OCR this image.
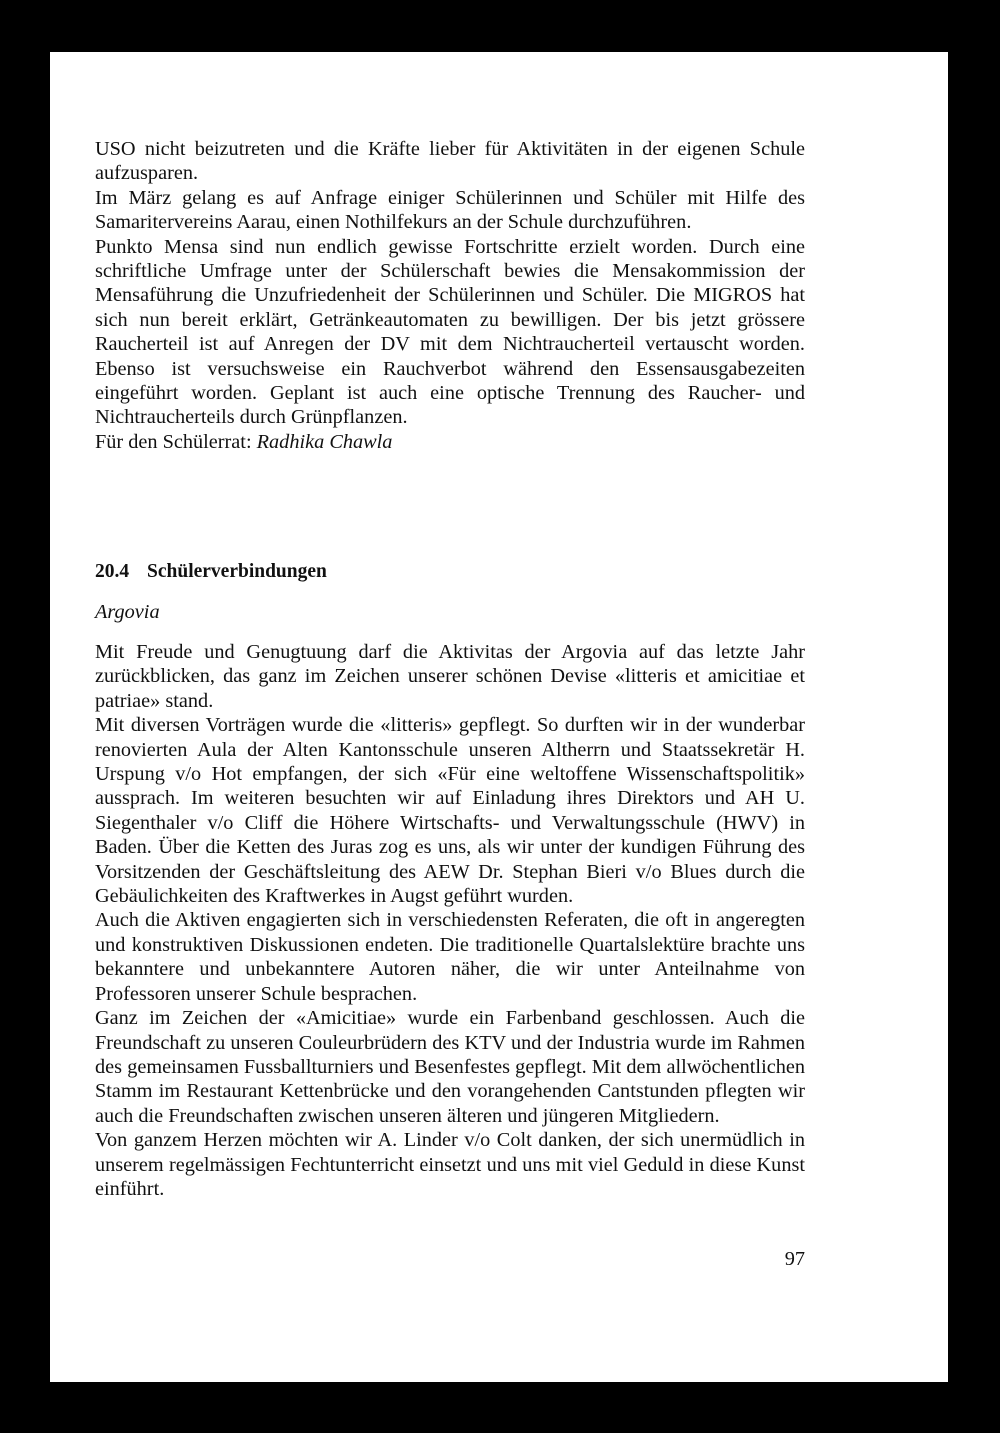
USO nicht beizutreten und die Kräfte lieber für Aktivitäten in der eigenen Schule aufzusparen.

Im März gelang es auf Anfrage einiger Schülerinnen und Schüler mit Hilfe des Samaritervereins Aarau, einen Nothilfekurs an der Schule durchzuführen.

Punkto Mensa sind nun endlich gewisse Fortschritte erzielt worden. Durch eine schriftliche Umfrage unter der Schülerschaft bewies die Mensakommission der Mensaführung die Unzufriedenheit der Schülerinnen und Schüler. Die MIGROS hat sich nun bereit erklärt, Getränkeautomaten zu bewilligen. Der bis jetzt grössere Raucherteil ist auf Anregen der DV mit dem Nichtraucherteil vertauscht worden. Ebenso ist versuchsweise ein Rauchverbot während den Essensausgabezeiten eingeführt worden. Geplant ist auch eine optische Trennung des Raucher- und Nichtraucherteils durch Grünpflanzen.

Für den Schülerrat: Radhika Chawla

20.4 Schülerverbindungen
Argovia

Mit Freude und Genugtuung darf die Aktivitas der Argovia auf das letzte Jahr zurückblicken, das ganz im Zeichen unserer schönen Devise «litteris et amicitiae et patriae» stand.

Mit diversen Vorträgen wurde die «litteris» gepflegt. So durften wir in der wunderbar renovierten Aula der Alten Kantonsschule unseren Altherrn und Staatssekretär H. Urspung v/o Hot empfangen, der sich «Für eine weltoffene Wissenschaftspolitik» aussprach. Im weiteren besuchten wir auf Einladung ihres Direktors und AH U. Siegenthaler v/o Cliff die Höhere Wirtschafts- und Verwaltungsschule (HWV) in Baden. Über die Ketten des Juras zog es uns, als wir unter der kundigen Führung des Vorsitzenden der Geschäftsleitung des AEW Dr. Stephan Bieri v/o Blues durch die Gebäulichkeiten des Kraftwerkes in Augst geführt wurden.

Auch die Aktiven engagierten sich in verschiedensten Referaten, die oft in angeregten und konstruktiven Diskussionen endeten. Die traditionelle Quartalslektüre brachte uns bekanntere und unbekanntere Autoren näher, die wir unter Anteilnahme von Professoren unserer Schule besprachen.

Ganz im Zeichen der «Amicitiae» wurde ein Farbenband geschlossen. Auch die Freundschaft zu unseren Couleurbrüdern des KTV und der Industria wurde im Rahmen des gemeinsamen Fussballturniers und Besenfestes gepflegt. Mit dem allwöchentlichen Stamm im Restaurant Kettenbrücke und den vorangehenden Cantstunden pflegten wir auch die Freundschaften zwischen unseren älteren und jüngeren Mitgliedern.

Von ganzem Herzen möchten wir A. Linder v/o Colt danken, der sich unermüdlich in unserem regelmässigen Fechtunterricht einsetzt und uns mit viel Geduld in diese Kunst einführt.

97
